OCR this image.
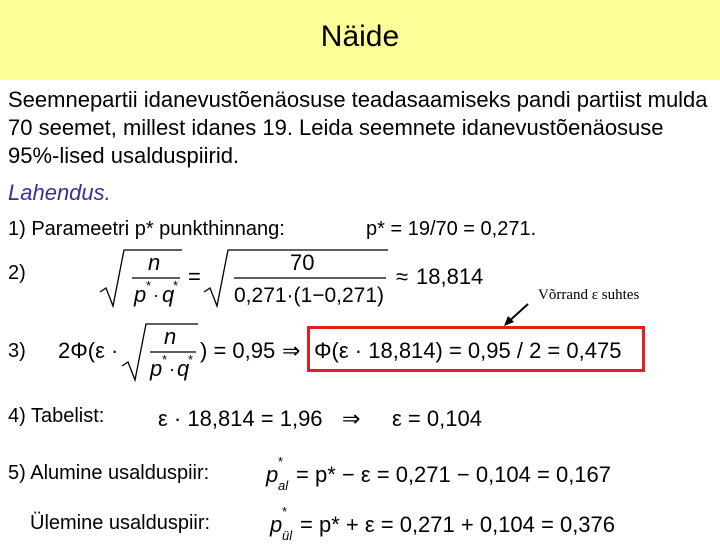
Näide
Seemnepartii idanevustõenäosuse teadasaamiseks pandi partiist mulda 70 seemet, millest idanes 19. Leida seemnete idanevustõenäosuse 95%-lised usalduspiirid.
Lahendus.
1) Parameetri p* punkthinnang:	p* = 19/70 = 0,271.
2)	n
p * · q
* =
70
0,271·(1−0,271)
≈ 18,814
Võrrand ε suhtes
3) 2Φ(ε ·
n
p * · q
* ) = 0,95 ⇒ Φ(ε · 18,814) = 0,95 / 2 = 0,475
4) Tabelist: ε · 18,814 = 1,96 ⇒ ε = 0,104
5) Alumine usalduspiir:	p
*
al = p* − ε = 0,271 − 0,104 = 0,167
Ülemine usalduspiir:	p
*
ül = p* + ε = 0,271 + 0,104 = 0,376
